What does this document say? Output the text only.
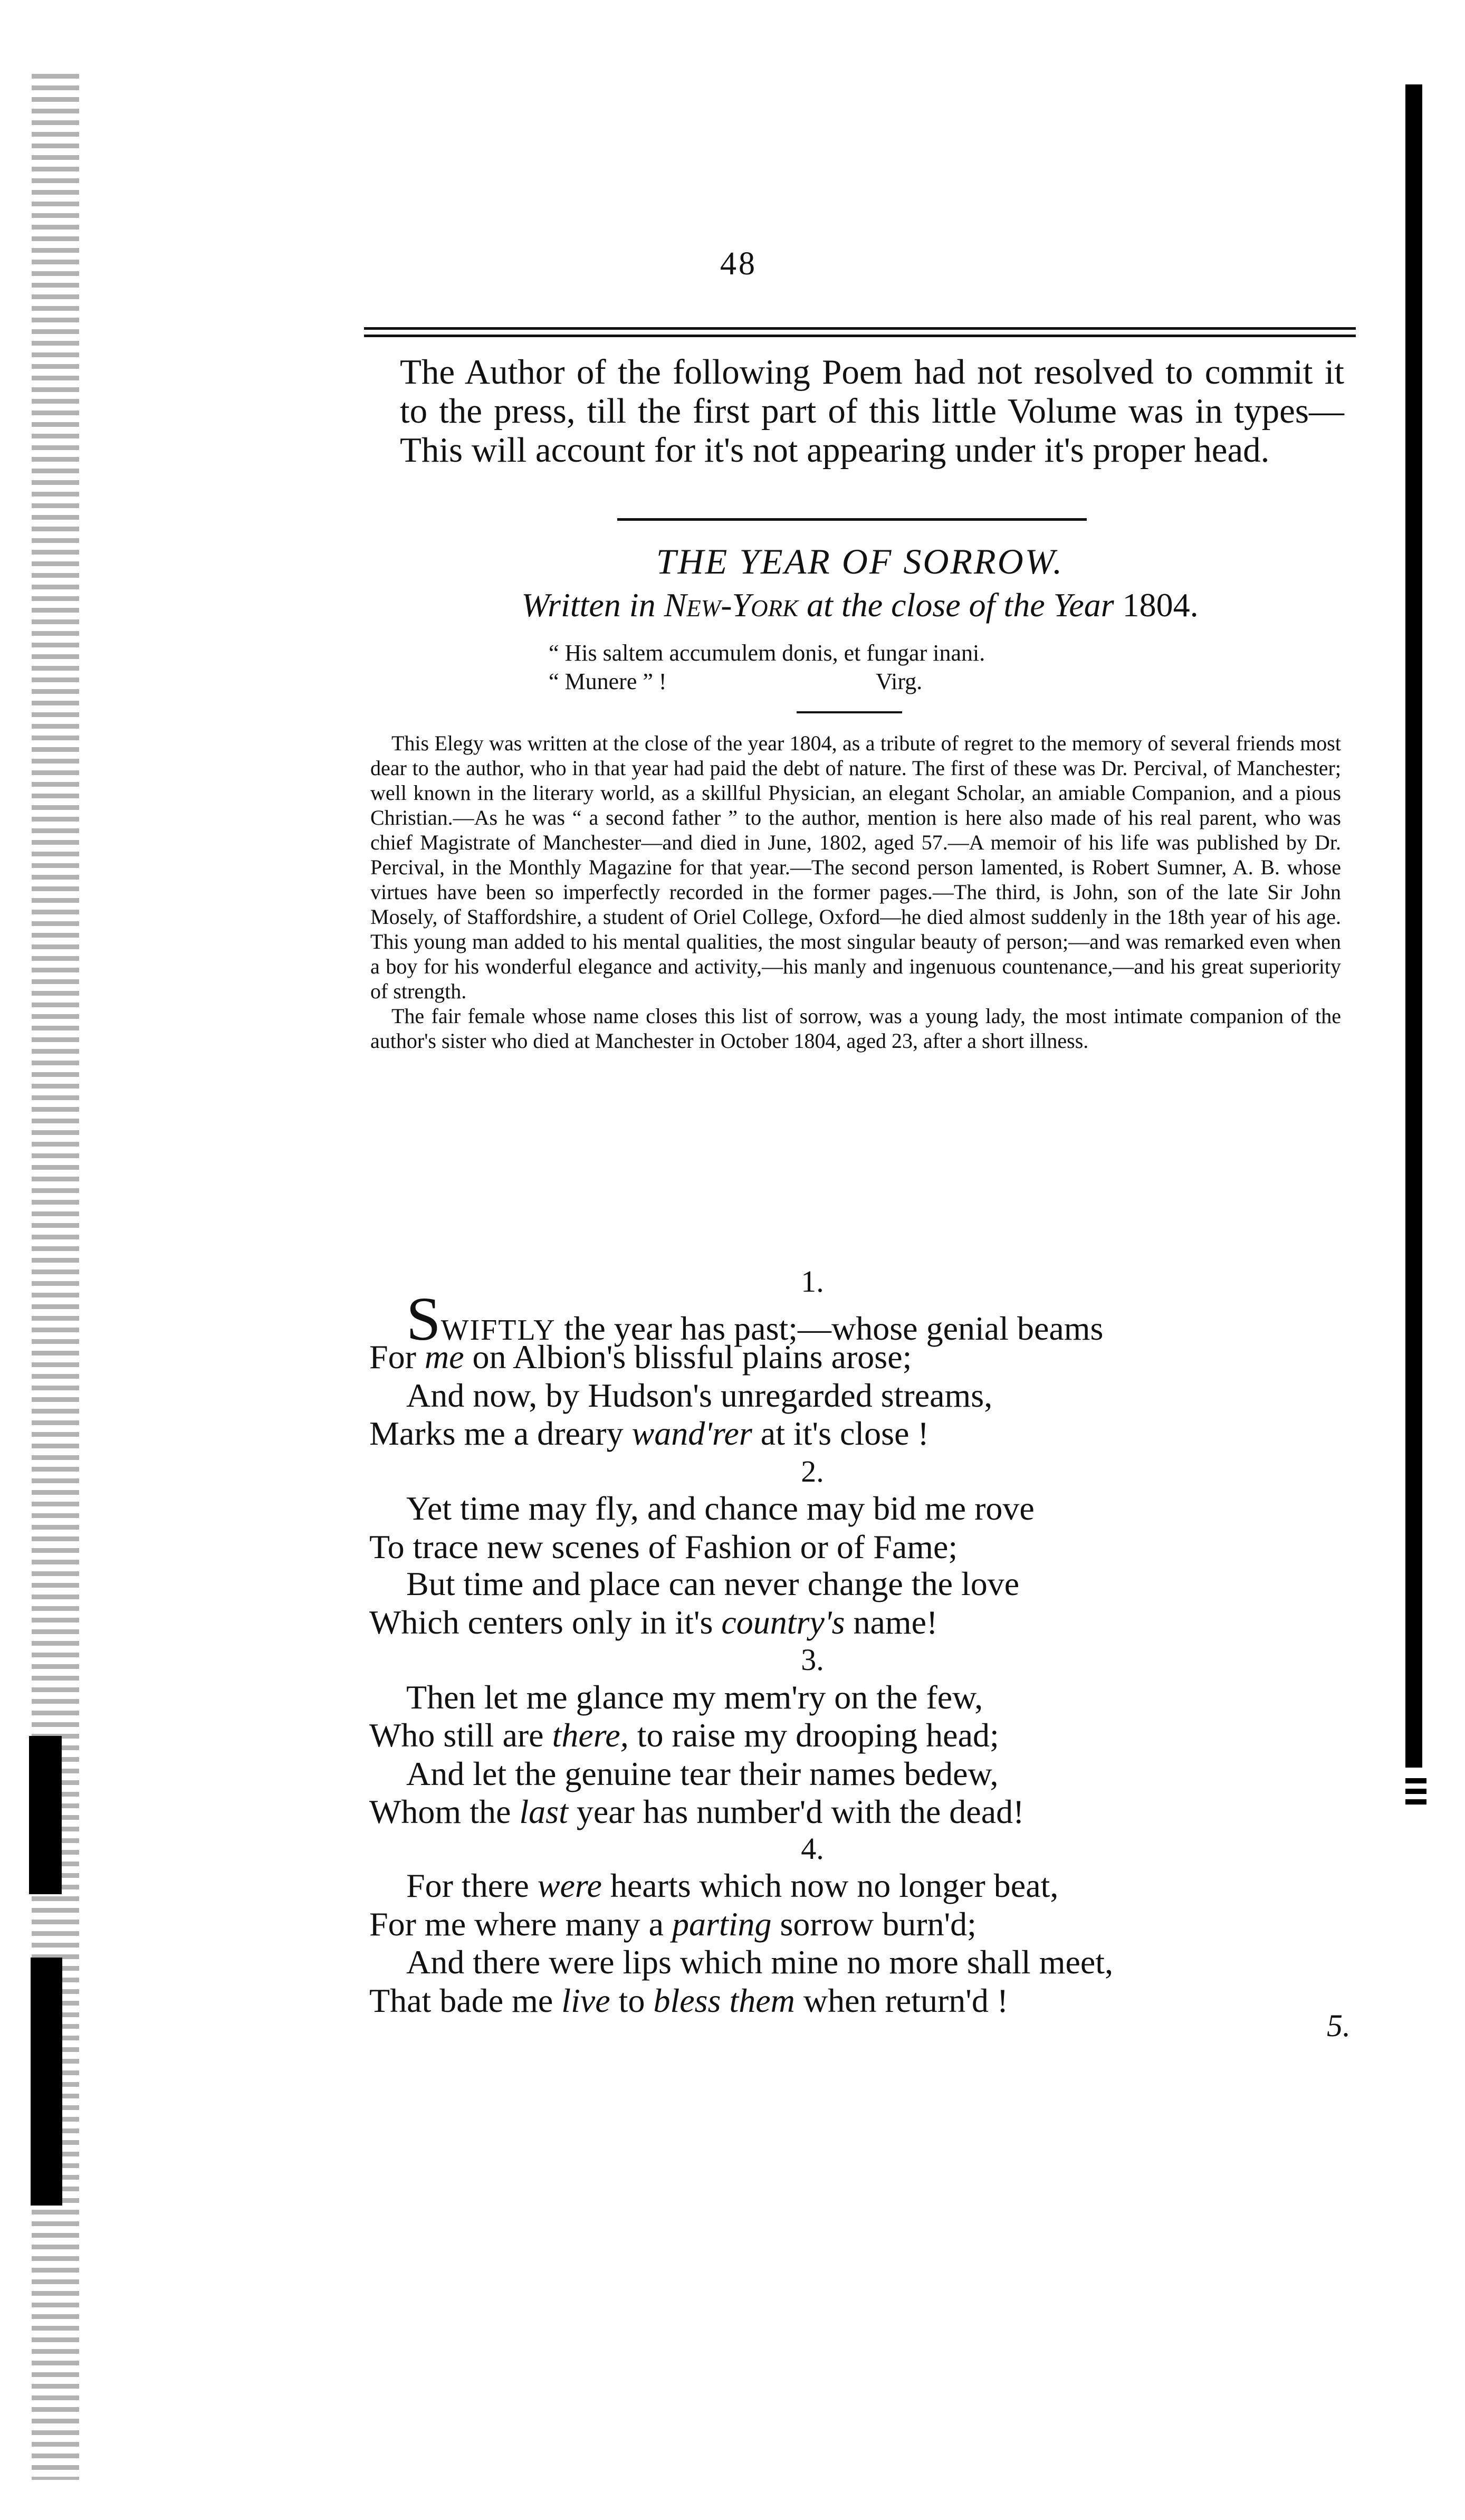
48
The Author of the following Poem had not resolved to commit it to the press, till the first part of this little Volume was in types—This will account for it's not appearing under it's proper head.
THE YEAR OF SORROW.
Written in New-York at the close of the Year 1804.
“ His saltem accumulem donis, et fungar inani.
“ Munere ” !	Virg.

This Elegy was written at the close of the year 1804, as a tribute of regret to the memory of several friends most dear to the author, who in that year had paid the debt of nature. The first of these was Dr. Percival, of Manchester; well known in the literary world, as a skillful Physician, an elegant Scholar, an amiable Companion, and a pious Christian.—As he was “ a second father ” to the author, mention is here also made of his real parent, who was chief Magistrate of Manchester—and died in June, 1802, aged 57.—A memoir of his life was published by Dr. Percival, in the Monthly Magazine for that year.—The second person lamented, is Robert Sumner, A. B. whose virtues have been so imperfectly recorded in the former pages.—The third, is John, son of the late Sir John Mosely, of Staffordshire, a student of Oriel College, Oxford—he died almost suddenly in the 18th year of his age. This young man added to his mental qualities, the most singular beauty of person;—and was remarked even when a boy for his wonderful elegance and activity,—his manly and ingenuous countenance,—and his great superiority of strength.

The fair female whose name closes this list of sorrow, was a young lady, the most intimate companion of the author's sister who died at Manchester in October 1804, aged 23, after a short illness.

1.
SWIFTLY the year has past;—whose genial beams
For me on Albion's blissful plains arose;
And now, by Hudson's unregarded streams,
Marks me a dreary wand'rer at it's close !
2.
Yet time may fly, and chance may bid me rove
To trace new scenes of Fashion or of Fame;
But time and place can never change the love
Which centers only in it's country's name!
3.
Then let me glance my mem'ry on the few,
Who still are there, to raise my drooping head;
And let the genuine tear their names bedew,
Whom the last year has number'd with the dead!
4.
For there were hearts which now no longer beat,
For me where many a parting sorrow burn'd;
And there were lips which mine no more shall meet,
That bade me live to bless them when return'd !
5.
